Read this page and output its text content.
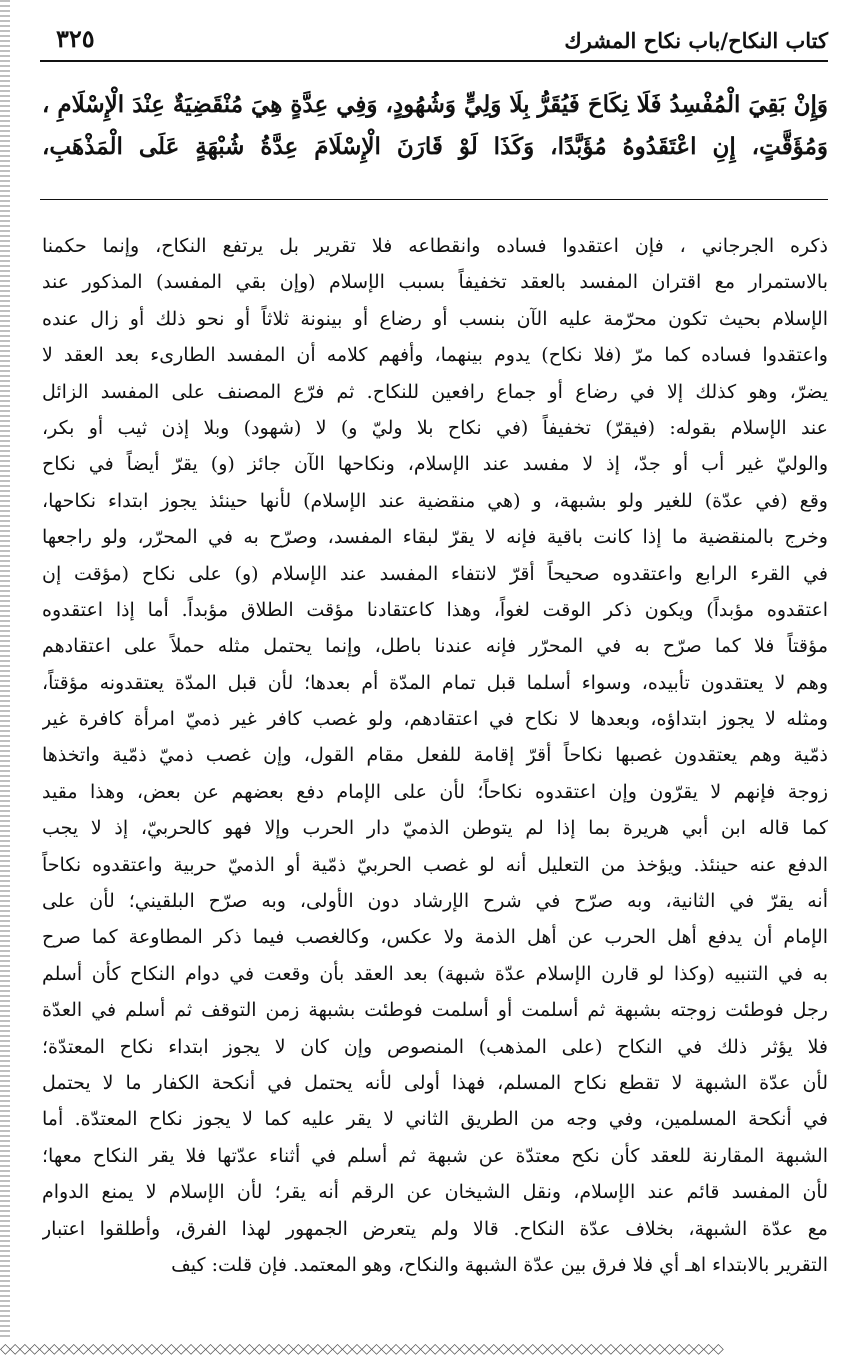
كتاب النكاح/باب نكاح المشرك
٣٢٥
وَإِنْ بَقِيَ الْمُفْسِدُ فَلَا نِكَاحَ فَيُقَرُّ بِلَا وَلِيٍّ وَشُهُودٍ، وَفِي عِدَّةٍ هِيَ مُنْقَضِيَةٌ عِنْدَ الْإِسْلَامِ ،
وَمُؤَقَّتٍ، إِنِ اعْتَقَدُوهُ مُؤَبَّدًا، وَكَذَا لَوْ قَارَنَ الْإِسْلَامَ عِدَّةُ شُبْهَةٍ عَلَى الْمَذْهَبِ،
ذكره الجرجاني ، فإن اعتقدوا فساده وانقطاعه فلا تقرير بل يرتفع النكاح، وإنما حكمنا
بالاستمرار مع اقتران المفسد بالعقد تخفيفاً بسبب الإسلام (وإن بقي المفسد) المذكور عند
الإسلام بحيث تكون محرّمة عليه الآن بنسب أو رضاع أو بينونة ثلاثاً أو نحو ذلك أو زال عنده
واعتقدوا فساده كما مرّ (فلا نكاح) يدوم بينهما، وأفهم كلامه أن المفسد الطارىء بعد العقد لا
يضرّ، وهو كذلك إلا في رضاع أو جماع رافعين للنكاح. ثم فرّع المصنف على المفسد الزائل
عند الإسلام بقوله: (فيقرّ) تخفيفاً (في نكاح بلا وليّ و) لا (شهود) وبلا إذن ثيب أو بكر،
والوليّ غير أب أو جدّ، إذ لا مفسد عند الإسلام، ونكاحها الآن جائز (و) يقرّ أيضاً في نكاح
وقع (في عدّة) للغير ولو بشبهة، و (هي منقضية عند الإسلام) لأنها حينئذ يجوز ابتداء نكاحها،
وخرج بالمنقضية ما إذا كانت باقية فإنه لا يقرّ لبقاء المفسد، وصرّح به في المحرّر، ولو راجعها
في القرء الرابع واعتقدوه صحيحاً أقرّ لانتفاء المفسد عند الإسلام (و) على نكاح (مؤقت إن
اعتقدوه مؤبداً) ويكون ذكر الوقت لغواً، وهذا كاعتقادنا مؤقت الطلاق مؤبداً. أما إذا اعتقدوه
مؤقتاً فلا كما صرّح به في المحرّر فإنه عندنا باطل، وإنما يحتمل مثله حملاً على اعتقادهم
وهم لا يعتقدون تأبيده، وسواء أسلما قبل تمام المدّة أم بعدها؛ لأن قبل المدّة يعتقدونه مؤقتاً،
ومثله لا يجوز ابتداؤه، وبعدها لا نكاح في اعتقادهم، ولو غصب كافر غير ذميّ امرأة كافرة غير
ذمّية وهم يعتقدون غصبها نكاحاً أقرّ إقامة للفعل مقام القول، وإن غصب ذميّ ذمّية واتخذها
زوجة فإنهم لا يقرّون وإن اعتقدوه نكاحاً؛ لأن على الإمام دفع بعضهم عن بعض، وهذا مقيد
كما قاله ابن أبي هريرة بما إذا لم يتوطن الذميّ دار الحرب وإلا فهو كالحربيّ، إذ لا يجب
الدفع عنه حينئذ. ويؤخذ من التعليل أنه لو غصب الحربيّ ذمّية أو الذميّ حربية واعتقدوه نكاحاً
أنه يقرّ في الثانية، وبه صرّح في شرح الإرشاد دون الأولى، وبه صرّح البلقيني؛ لأن على
الإمام أن يدفع أهل الحرب عن أهل الذمة ولا عكس، وكالغصب فيما ذكر المطاوعة كما صرح
به في التنبيه (وكذا لو قارن الإسلام عدّة شبهة) بعد العقد بأن وقعت في دوام النكاح كأن أسلم
رجل فوطئت زوجته بشبهة ثم أسلمت أو أسلمت فوطئت بشبهة زمن التوقف ثم أسلم في العدّة
فلا يؤثر ذلك في النكاح (على المذهب) المنصوص وإن كان لا يجوز ابتداء نكاح المعتدّة؛
لأن عدّة الشبهة لا تقطع نكاح المسلم، فهذا أولى لأنه يحتمل في أنكحة الكفار ما لا يحتمل
في أنكحة المسلمين، وفي وجه من الطريق الثاني لا يقر عليه كما لا يجوز نكاح المعتدّة. أما
الشبهة المقارنة للعقد كأن نكح معتدّة عن شبهة ثم أسلم في أثناء عدّتها فلا يقر النكاح معها؛
لأن المفسد قائم عند الإسلام، ونقل الشيخان عن الرقم أنه يقر؛ لأن الإسلام لا يمنع الدوام
مع عدّة الشبهة، بخلاف عدّة النكاح. قالا ولم يتعرض الجمهور لهذا الفرق، وأطلقوا اعتبار
التقرير بالابتداء اهـ أي فلا فرق بين عدّة الشبهة والنكاح، وهو المعتمد. فإن قلت: كيف
◇◇◇◇◇◇◇◇◇◇◇◇◇◇◇◇◇◇◇◇◇◇◇◇◇◇◇◇◇◇◇◇◇◇◇◇◇◇◇◇◇◇◇◇◇◇◇◇◇◇◇◇◇◇◇◇◇◇◇◇◇◇◇◇◇◇◇◇◇◇◇◇◇◇
